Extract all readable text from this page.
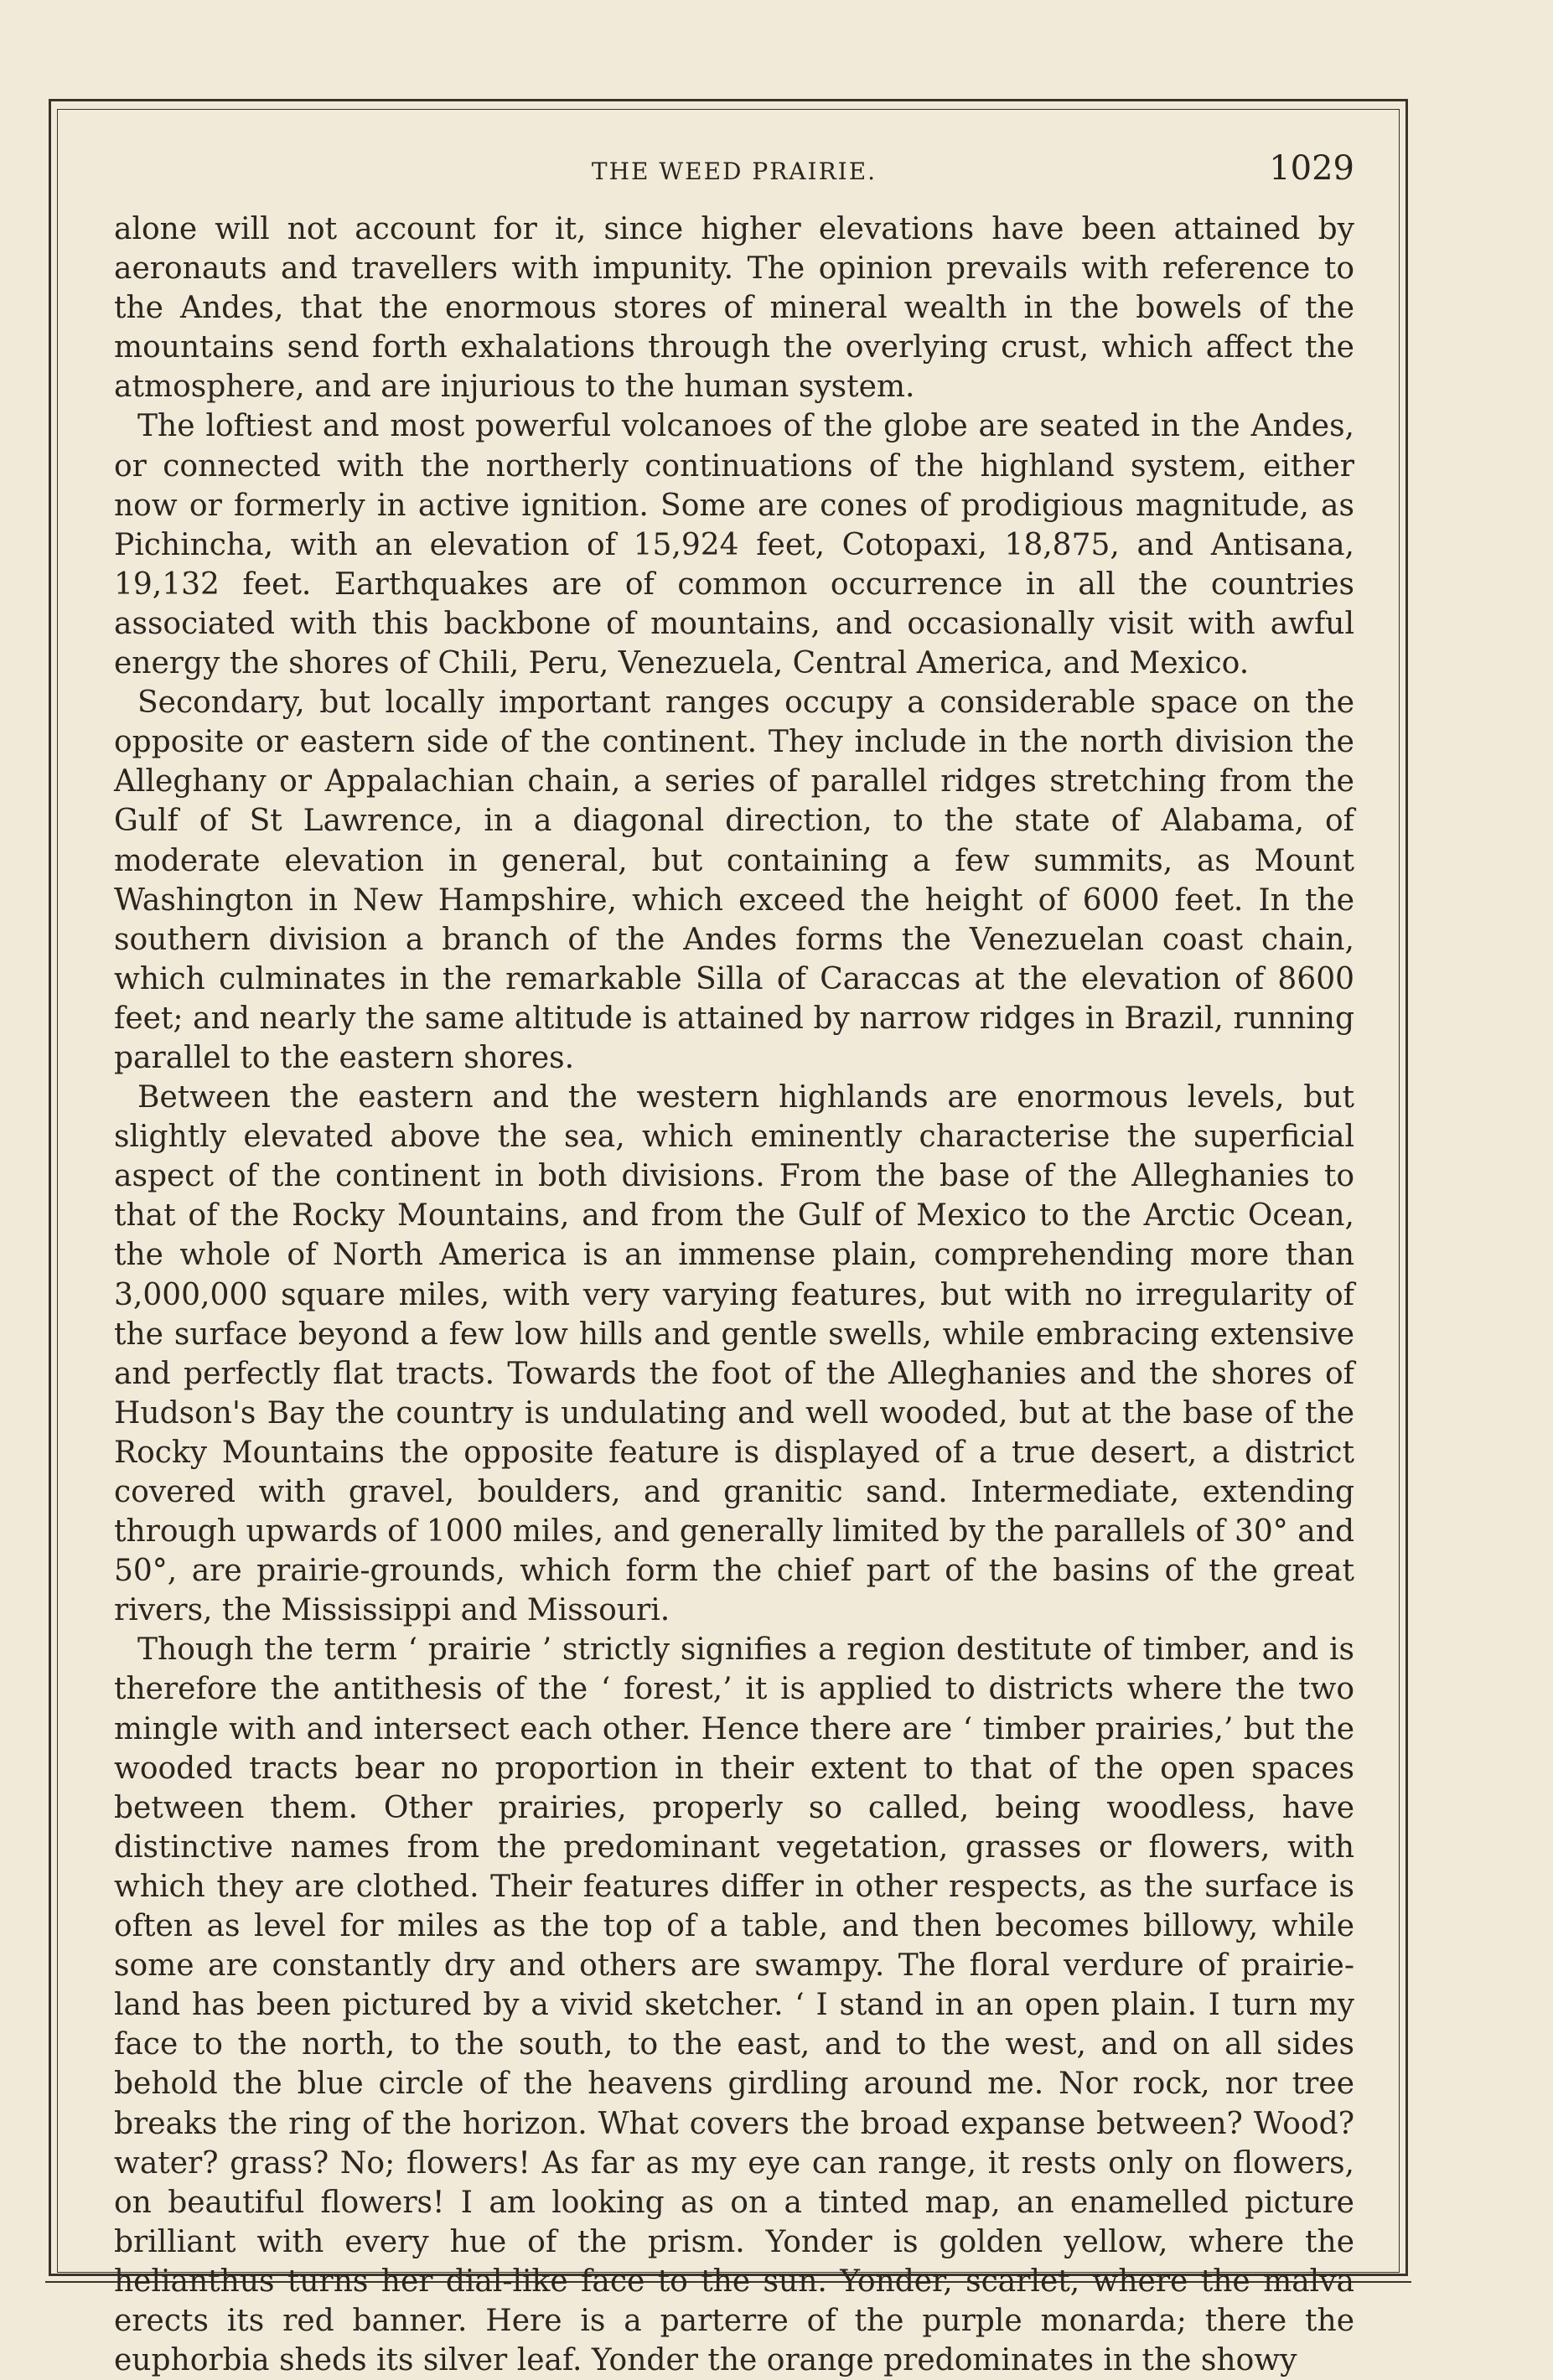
THE WEED PRAIRIE.	1029

alone will not account for it, since higher elevations have been attained by aeronauts and travellers with impunity. The opinion prevails with reference to the Andes, that the enormous stores of mineral wealth in the bowels of the mountains send forth exhalations through the overlying crust, which affect the atmosphere, and are injurious to the human system.

The loftiest and most powerful volcanoes of the globe are seated in the Andes, or connected with the northerly continuations of the highland system, either now or formerly in active ignition. Some are cones of prodigious magnitude, as Pichincha, with an elevation of 15,924 feet, Cotopaxi, 18,875, and Antisana, 19,132 feet. Earthquakes are of common occurrence in all the countries associated with this backbone of mountains, and occasionally visit with awful energy the shores of Chili, Peru, Venezuela, Central America, and Mexico.

Secondary, but locally important ranges occupy a considerable space on the opposite or eastern side of the continent. They include in the north division the Alleghany or Appalachian chain, a series of parallel ridges stretching from the Gulf of St Lawrence, in a diagonal direction, to the state of Alabama, of moderate elevation in general, but containing a few summits, as Mount Washington in New Hampshire, which exceed the height of 6000 feet. In the southern division a branch of the Andes forms the Venezuelan coast chain, which culminates in the remarkable Silla of Caraccas at the elevation of 8600 feet; and nearly the same altitude is attained by narrow ridges in Brazil, running parallel to the eastern shores.

Between the eastern and the western highlands are enormous levels, but slightly elevated above the sea, which eminently characterise the superficial aspect of the continent in both divisions. From the base of the Alleghanies to that of the Rocky Mountains, and from the Gulf of Mexico to the Arctic Ocean, the whole of North America is an immense plain, comprehending more than 3,000,000 square miles, with very varying features, but with no irregularity of the surface beyond a few low hills and gentle swells, while embracing extensive and perfectly flat tracts. Towards the foot of the Alleghanies and the shores of Hudson's Bay the country is undulating and well wooded, but at the base of the Rocky Mountains the opposite feature is displayed of a true desert, a district covered with gravel, boulders, and granitic sand. Intermediate, extending through upwards of 1000 miles, and generally limited by the parallels of 30° and 50°, are prairie-grounds, which form the chief part of the basins of the great rivers, the Mississippi and Missouri.

Though the term ‘ prairie ’ strictly signifies a region destitute of timber, and is therefore the antithesis of the ‘ forest,’ it is applied to districts where the two mingle with and intersect each other. Hence there are ‘ timber prairies,’ but the wooded tracts bear no proportion in their extent to that of the open spaces between them. Other prairies, properly so called, being woodless, have distinctive names from the predominant vegetation, grasses or flowers, with which they are clothed. Their features differ in other respects, as the surface is often as level for miles as the top of a table, and then becomes billowy, while some are constantly dry and others are swampy. The floral verdure of prairie-land has been pictured by a vivid sketcher. ‘ I stand in an open plain. I turn my face to the north, to the south, to the east, and to the west, and on all sides behold the blue circle of the heavens girdling around me. Nor rock, nor tree breaks the ring of the horizon. What covers the broad expanse between? Wood? water? grass? No; flowers! As far as my eye can range, it rests only on flowers, on beautiful flowers! I am looking as on a tinted map, an enamelled picture brilliant with every hue of the prism. Yonder is golden yellow, where the helianthus turns her dial-like face to the sun. Yonder, scarlet, where the malva erects its red banner. Here is a parterre of the purple monarda; there the euphorbia sheds its silver leaf. Yonder the orange predominates in the showy
